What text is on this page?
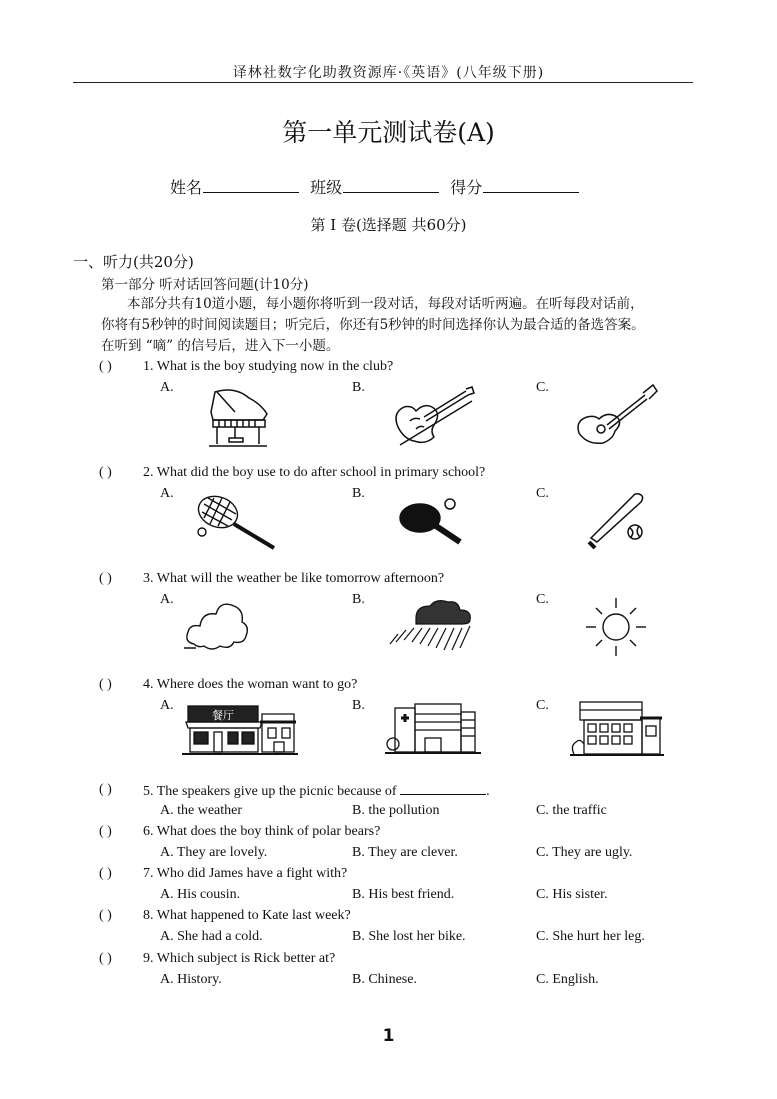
译林社数字化助教资源库·《英语》(八年级下册)
第一单元测试卷(A)
姓名	班级	得分
第 I 卷(选择题 共60分)
一、听力(共20分)
第一部分 听对话回答问题(计10分)
本部分共有10道小题，每小题你将听到一段对话，每段对话听两遍。在听每段对话前，
你将有5秒钟的时间阅读题目；听完后，你还有5秒钟的时间选择你认为最合适的备选答案。
在听到 “嘀” 的信号后，进入下一小题。
( ) 1. What is the boy studying now in the club?
A.	B.	C.
( ) 2. What did the boy use to do after school in primary school?
A.	B.	C.
( ) 3. What will the weather be like tomorrow afternoon?
A.	B.	C.
( ) 4. Where does the woman want to go?
A.	B.	C.
餐厅
( ) 5. The speakers give up the picnic because of	.
A. the weather	B. the pollution	C. the traffic
( ) 6. What does the boy think of polar bears?
A. They are lovely.	B. They are clever.	C. They are ugly.
( ) 7. Who did James have a fight with?
A. His cousin.	B. His best friend.	C. His sister.
( ) 8. What happened to Kate last week?
A. She had a cold.	B. She lost her bike.	C. She hurt her leg.
( ) 9. Which subject is Rick better at?
A. History.	B. Chinese.	C. English.
1
